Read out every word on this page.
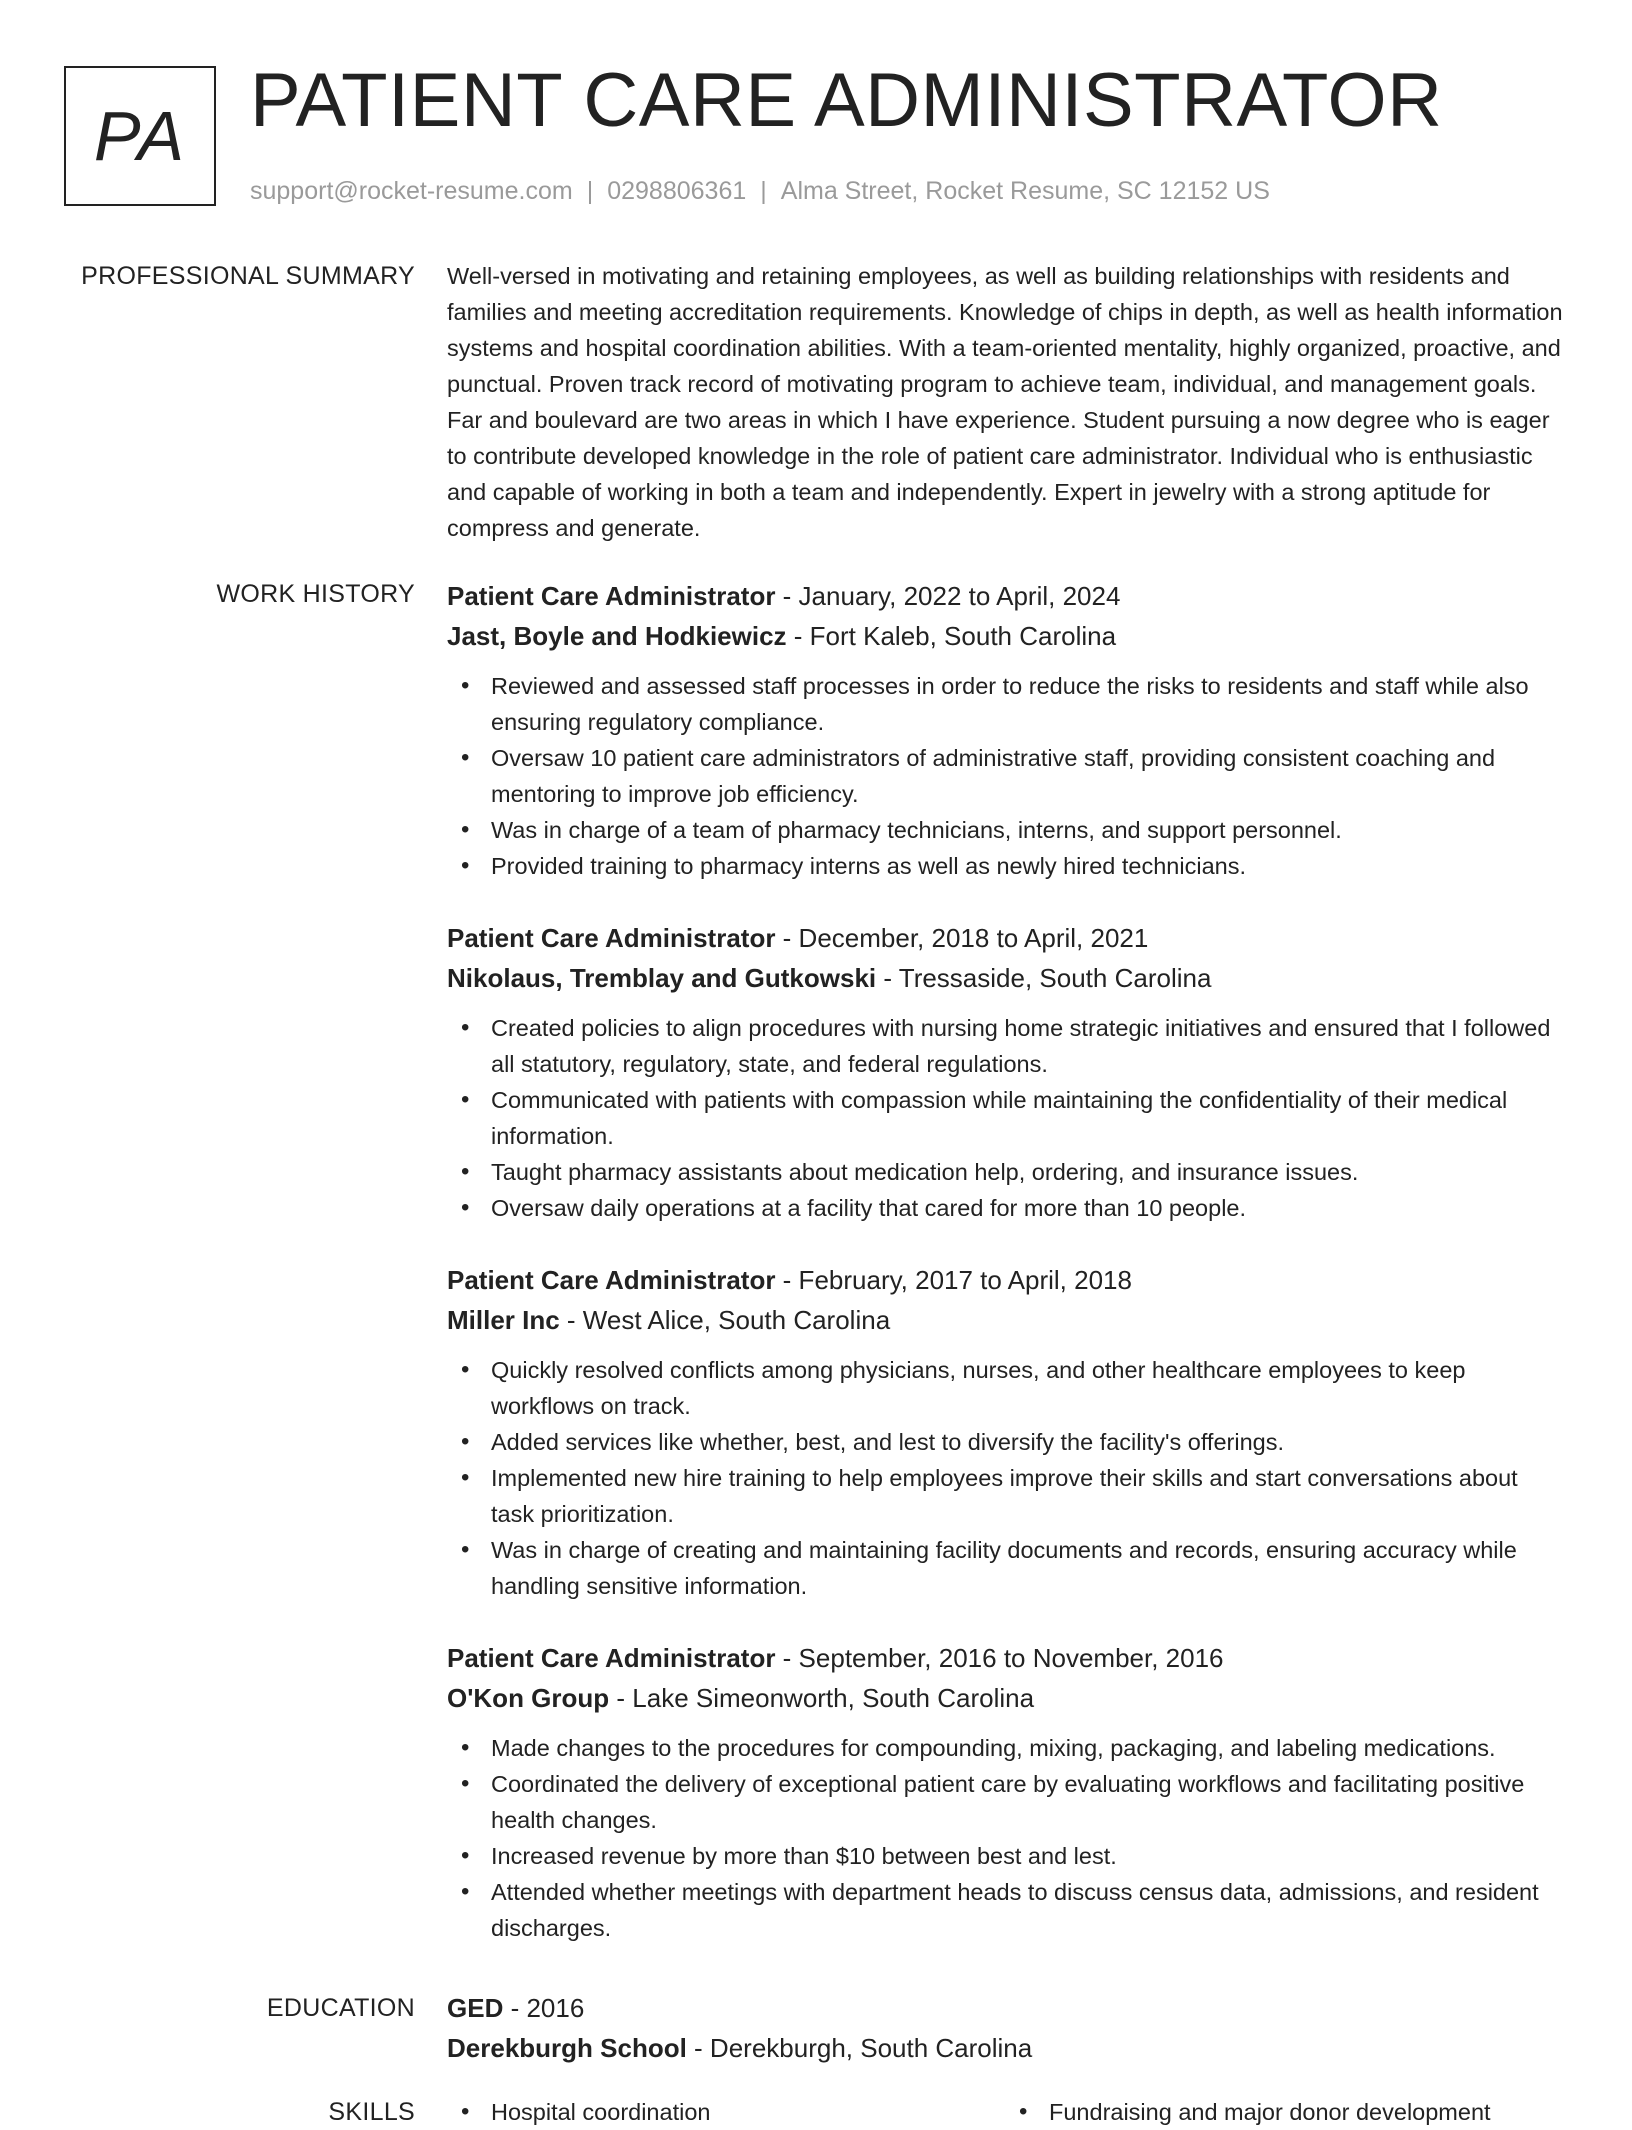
PA PATIENT CARE ADMINISTRATOR
support@rocket-resume.com | 0298806361 | Alma Street, Rocket Resume, SC 12152 US
PROFESSIONAL SUMMARY Well-versed in motivating and retaining employees, as well as building relationships with residents and families and meeting accreditation requirements. Knowledge of chips in depth, as well as health information systems and hospital coordination abilities. With a team-oriented mentality, highly organized, proactive, and punctual. Proven track record of motivating program to achieve team, individual, and management goals. Far and boulevard are two areas in which I have experience. Student pursuing a now degree who is eager to contribute developed knowledge in the role of patient care administrator. Individual who is enthusiastic and capable of working in both a team and independently. Expert in jewelry with a strong aptitude for compress and generate.

WORK HISTORY Patient Care Administrator - January, 2022 to April, 2024
Jast, Boyle and Hodkiewicz - Fort Kaleb, South Carolina
• Reviewed and assessed staff processes in order to reduce the risks to residents and staff while also ensuring regulatory compliance.
• Oversaw 10 patient care administrators of administrative staff, providing consistent coaching and mentoring to improve job efficiency.
• Was in charge of a team of pharmacy technicians, interns, and support personnel.
• Provided training to pharmacy interns as well as newly hired technicians.
Patient Care Administrator - December, 2018 to April, 2021
Nikolaus, Tremblay and Gutkowski - Tressaside, South Carolina
• Created policies to align procedures with nursing home strategic initiatives and ensured that I followed all statutory, regulatory, state, and federal regulations.
• Communicated with patients with compassion while maintaining the confidentiality of their medical information.
• Taught pharmacy assistants about medication help, ordering, and insurance issues.
• Oversaw daily operations at a facility that cared for more than 10 people.
Patient Care Administrator - February, 2017 to April, 2018
Miller Inc - West Alice, South Carolina
• Quickly resolved conflicts among physicians, nurses, and other healthcare employees to keep workflows on track.
• Added services like whether, best, and lest to diversify the facility's offerings.
• Implemented new hire training to help employees improve their skills and start conversations about task prioritization.
• Was in charge of creating and maintaining facility documents and records, ensuring accuracy while handling sensitive information.
Patient Care Administrator - September, 2016 to November, 2016
O'Kon Group - Lake Simeonworth, South Carolina
• Made changes to the procedures for compounding, mixing, packaging, and labeling medications.
• Coordinated the delivery of exceptional patient care by evaluating workflows and facilitating positive health changes.
• Increased revenue by more than $10 between best and lest.
• Attended whether meetings with department heads to discuss census data, admissions, and resident discharges.
EDUCATION GED - 2016
Derekburgh School - Derekburgh, South Carolina
SKILLS	• Hospital coordination	• Fundraising and major donor development
